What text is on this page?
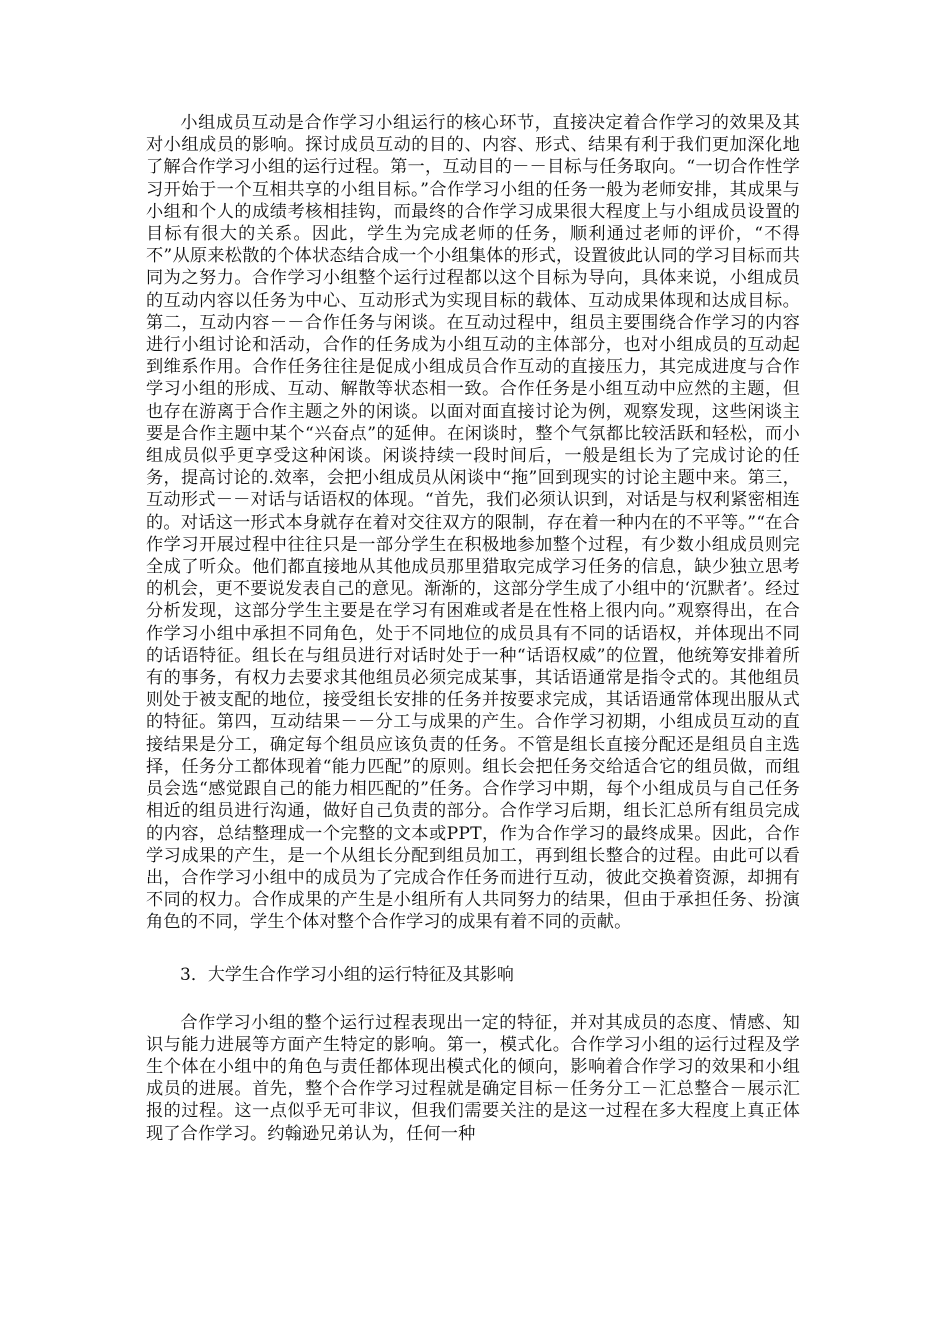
小组成员互动是合作学习小组运行的核心环节，直接决定着合作学习的效果及其对小组成员的影响。探讨成员互动的目的、内容、形式、结果有利于我们更加深化地了解合作学习小组的运行过程。第一，互动目的－－目标与任务取向。“一切合作性学习开始于一个互相共享的小组目标。”合作学习小组的任务一般为老师安排，其成果与小组和个人的成绩考核相挂钩，而最终的合作学习成果很大程度上与小组成员设置的目标有很大的关系。因此，学生为完成老师的任务，顺利通过老师的评价，“不得不”从原来松散的个体状态结合成一个小组集体的形式，设置彼此认同的学习目标而共同为之努力。合作学习小组整个运行过程都以这个目标为导向，具体来说，小组成员的互动内容以任务为中心、互动形式为实现目标的载体、互动成果体现和达成目标。第二，互动内容－－合作任务与闲谈。在互动过程中，组员主要围绕合作学习的内容进行小组讨论和活动，合作的任务成为小组互动的主体部分，也对小组成员的互动起到维系作用。合作任务往往是促成小组成员合作互动的直接压力，其完成进度与合作学习小组的形成、互动、解散等状态相一致。合作任务是小组互动中应然的主题，但也存在游离于合作主题之外的闲谈。以面对面直接讨论为例，观察发现，这些闲谈主要是合作主题中某个“兴奋点”的延伸。在闲谈时，整个气氛都比较活跃和轻松，而小组成员似乎更享受这种闲谈。闲谈持续一段时间后，一般是组长为了完成讨论的任务，提高讨论的.效率，会把小组成员从闲谈中“拖”回到现实的讨论主题中来。第三，互动形式－－对话与话语权的体现。“首先，我们必须认识到，对话是与权利紧密相连的。对话这一形式本身就存在着对交往双方的限制，存在着一种内在的不平等。”“在合作学习开展过程中往往只是一部分学生在积极地参加整个过程，有少数小组成员则完全成了听众。他们都直接地从其他成员那里猎取完成学习任务的信息，缺少独立思考的机会，更不要说发表自己的意见。渐渐的，这部分学生成了小组中的‘沉默者’。经过分析发现，这部分学生主要是在学习有困难或者是在性格上很内向。”观察得出，在合作学习小组中承担不同角色，处于不同地位的成员具有不同的话语权，并体现出不同的话语特征。组长在与组员进行对话时处于一种“话语权威”的位置，他统筹安排着所有的事务，有权力去要求其他组员必须完成某事，其话语通常是指令式的。其他组员则处于被支配的地位，接受组长安排的任务并按要求完成，其话语通常体现出服从式的特征。第四，互动结果－－分工与成果的产生。合作学习初期，小组成员互动的直接结果是分工，确定每个组员应该负责的任务。不管是组长直接分配还是组员自主选择，任务分工都体现着“能力匹配”的原则。组长会把任务交给适合它的组员做，而组员会选“感觉跟自己的能力相匹配的”任务。合作学习中期，每个小组成员与自己任务相近的组员进行沟通，做好自己负责的部分。合作学习后期，组长汇总所有组员完成的内容，总结整理成一个完整的文本或PPT，作为合作学习的最终成果。因此，合作学习成果的产生，是一个从组长分配到组员加工，再到组长整合的过程。由此可以看出，合作学习小组中的成员为了完成合作任务而进行互动，彼此交换着资源，却拥有不同的权力。合作成果的产生是小组所有人共同努力的结果，但由于承担任务、扮演角色的不同，学生个体对整个合作学习的成果有着不同的贡献。

3．大学生合作学习小组的运行特征及其影响

合作学习小组的整个运行过程表现出一定的特征，并对其成员的态度、情感、知识与能力进展等方面产生特定的影响。第一，模式化。合作学习小组的运行过程及学生个体在小组中的角色与责任都体现出模式化的倾向，影响着合作学习的效果和小组成员的进展。首先，整个合作学习过程就是确定目标－任务分工－汇总整合－展示汇报的过程。这一点似乎无可非议，但我们需要关注的是这一过程在多大程度上真正体现了合作学习。约翰逊兄弟认为，任何一种
